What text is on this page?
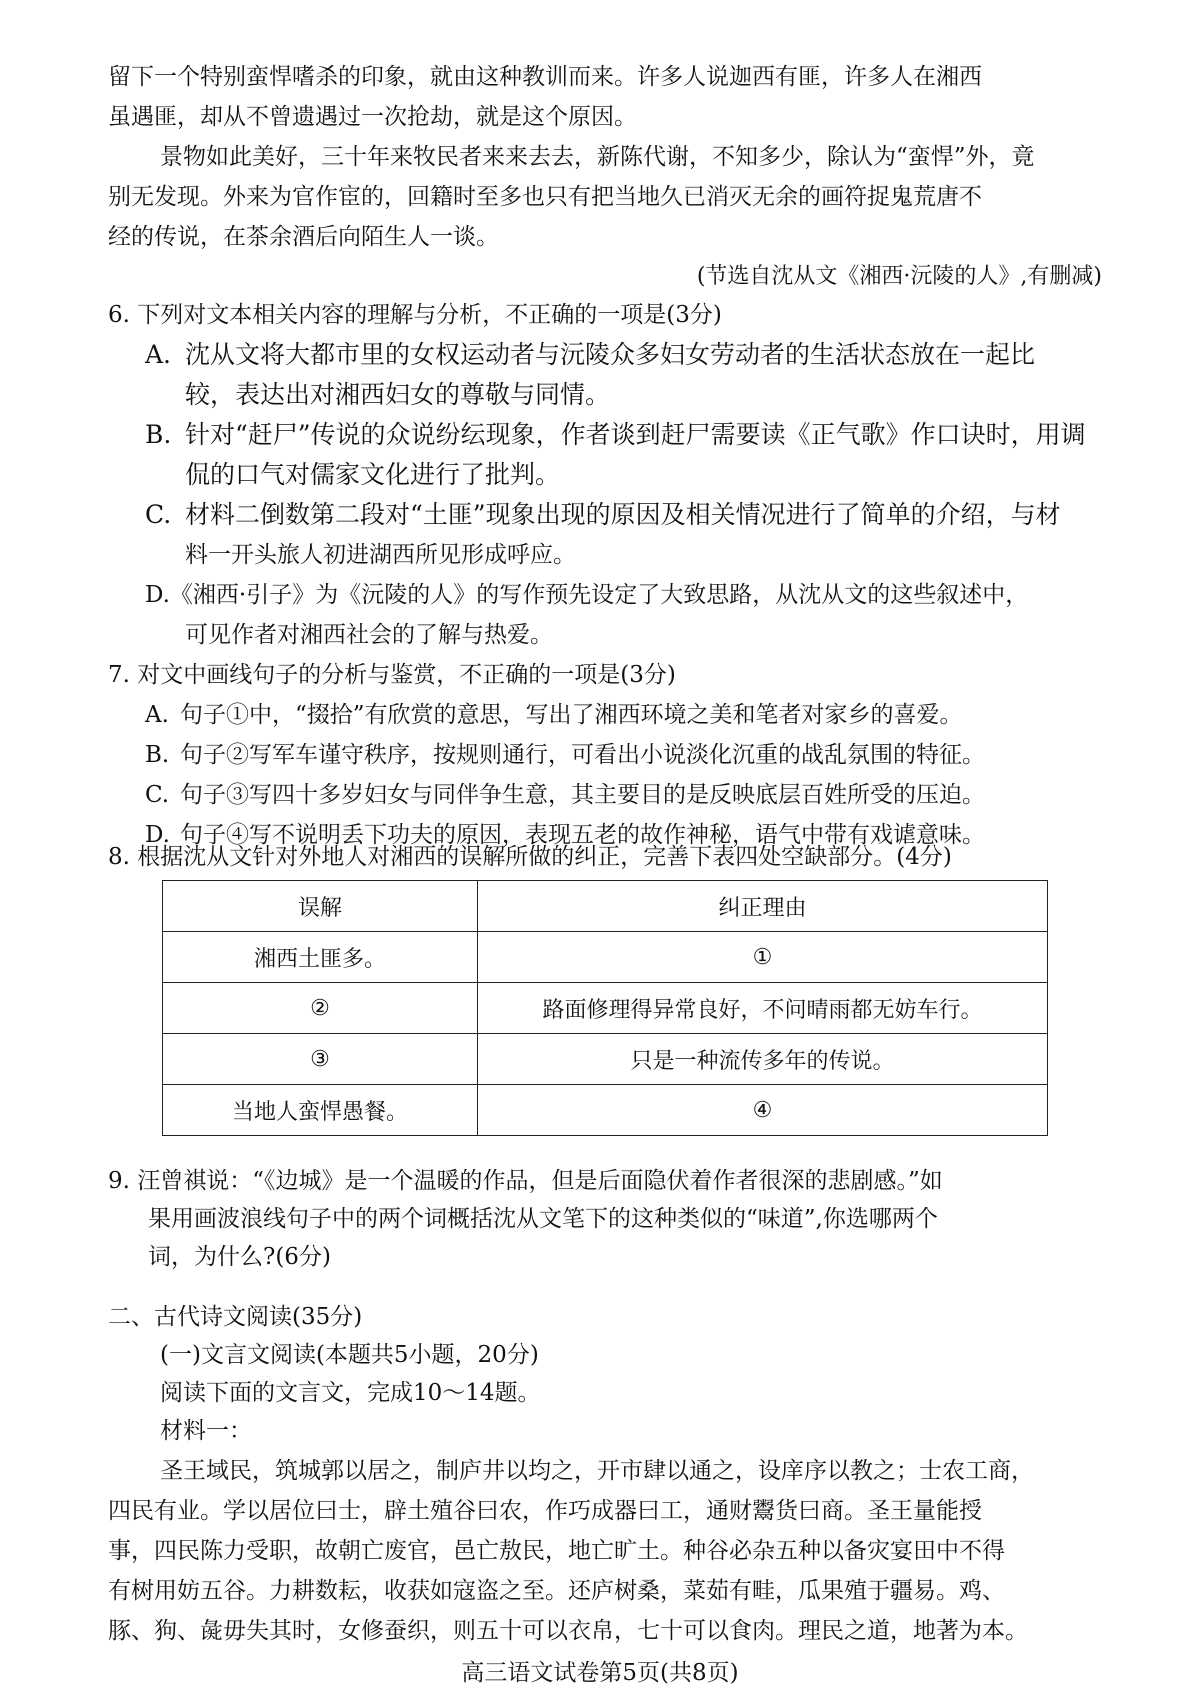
留下一个特别蛮悍嗜杀的印象，就由这种教训而来。许多人说迦西有匪，许多人在湘西
虽遇匪，却从不曾遗遇过一次抢劫，就是这个原因。
景物如此美好，三十年来牧民者来来去去，新陈代谢，不知多少，除认为“蛮悍”外，竟
别无发现。外来为官作宦的，回籍时至多也只有把当地久已消灭无余的画符捉鬼荒唐不
经的传说，在茶余酒后向陌生人一谈。
(节选自沈从文《湘西·沅陵的人》,有删减)
6. 下列对文本相关内容的理解与分析，不正确的一项是(3分)
A. 沈从文将大都市里的女权运动者与沅陵众多妇女劳动者的生活状态放在一起比
较，表达出对湘西妇女的尊敬与同情。
B. 针对“赶尸”传说的众说纷纭现象，作者谈到赶尸需要读《正气歌》作口诀时，用调
侃的口气对儒家文化进行了批判。
C. 材料二倒数第二段对“土匪”现象出现的原因及相关情况进行了简单的介绍，与材
料一开头旅人初进湖西所见形成呼应。
D.《湘西·引子》为《沅陵的人》的写作预先设定了大致思路，从沈从文的这些叙述中，
可见作者对湘西社会的了解与热爱。
7. 对文中画线句子的分析与鉴赏，不正确的一项是(3分)
A. 句子①中，“掇拾”有欣赏的意思，写出了湘西环境之美和笔者对家乡的喜爱。
B. 句子②写军车谨守秩序，按规则通行，可看出小说淡化沉重的战乱氛围的特征。
C. 句子③写四十多岁妇女与同伴争生意，其主要目的是反映底层百姓所受的压迫。
D. 句子④写不说明丢下功夫的原因，表现五老的故作神秘，语气中带有戏谑意味。
8. 根据沈从文针对外地人对湘西的误解所做的纠正，完善下表四处空缺部分。(4分)
误解	纠正理由
湘西土匪多。	①
②	路面修理得异常良好，不问晴雨都无妨车行。
③	只是一种流传多年的传说。
当地人蛮悍愚餐。	④
9. 汪曾祺说：“《边城》是一个温暖的作品，但是后面隐伏着作者很深的悲剧感。”如
果用画波浪线句子中的两个词概括沈从文笔下的这种类似的“味道”,你选哪两个
词，为什么?(6分)
二、古代诗文阅读(35分)
(一)文言文阅读(本题共5小题，20分)
阅读下面的文言文，完成10～14题。
材料一：
圣王域民，筑城郭以居之，制庐井以均之，开市肆以通之，设庠序以教之；士农工商，
四民有业。学以居位曰士，辟土殖谷曰农，作巧成器曰工，通财鬻货曰商。圣王量能授
事，四民陈力受职，故朝亡废官，邑亡敖民，地亡旷土。种谷必杂五种以备灾宴田中不得
有树用妨五谷。力耕数耘，收获如寇盗之至。还庐树桑，菜茹有畦，瓜果殖于疆易。鸡、
豚、狗、彘毋失其时，女修蚕织，则五十可以衣帛，七十可以食肉。理民之道，地著为本。
高三语文试卷第5页(共8页)
